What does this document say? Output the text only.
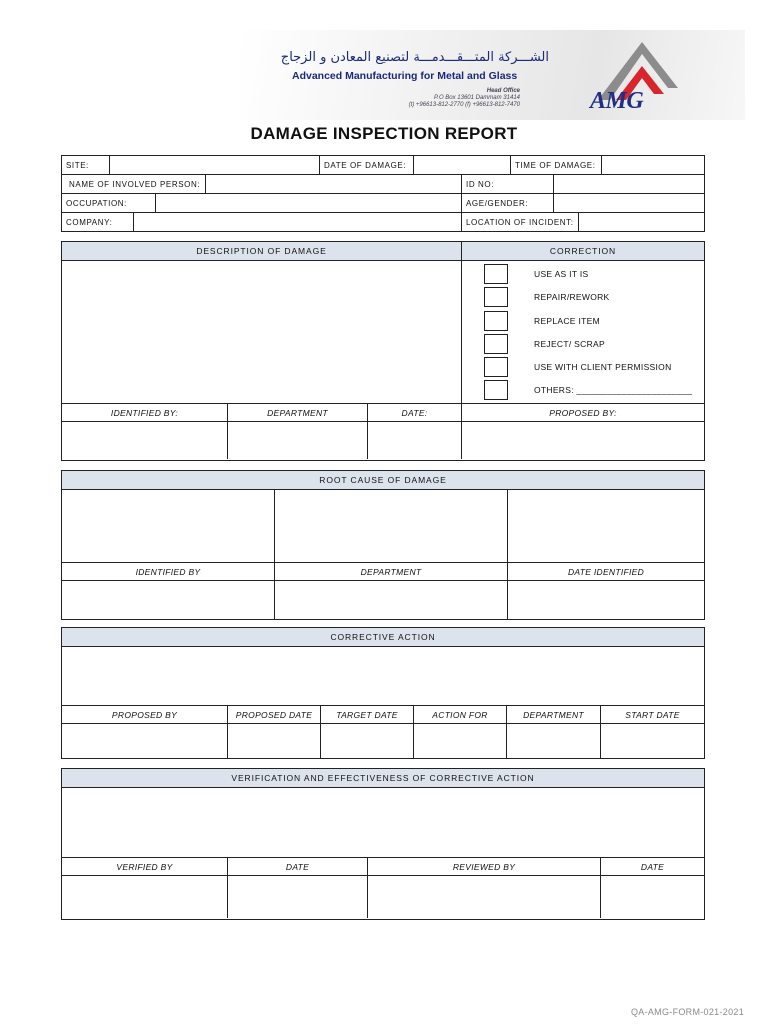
الشـــركة المتـــقـــدمـــة لتصنيع المعادن و الزجاج
Advanced Manufacturing for Metal and Glass
Head Office
P.O Box 13601 Dammam 31414
(t) +96613-812-2770 (f) +96613-812-7470	AMG
DAMAGE INSPECTION REPORT
SITE:	DATE OF DAMAGE:	TIME OF DAMAGE:
NAME OF INVOLVED PERSON:	ID NO:
OCCUPATION:	AGE/GENDER:
COMPANY:	LOCATION OF INCIDENT:
DESCRIPTION OF DAMAGE	CORRECTION
USE AS IT IS
REPAIR/REWORK
REPLACE ITEM
REJECT/ SCRAP
USE WITH CLIENT PERMISSION
OTHERS: _______________________
IDENTIFIED BY:	DEPARTMENT	DATE:	PROPOSED BY:
ROOT CAUSE OF DAMAGE
IDENTIFIED BY	DEPARTMENT	DATE IDENTIFIED
CORRECTIVE ACTION
PROPOSED BY	PROPOSED DATE	TARGET DATE	ACTION FOR	DEPARTMENT	START DATE
VERIFICATION AND EFFECTIVENESS OF CORRECTIVE ACTION
VERIFIED BY	DATE	REVIEWED BY	DATE
QA-AMG-FORM-021-2021
